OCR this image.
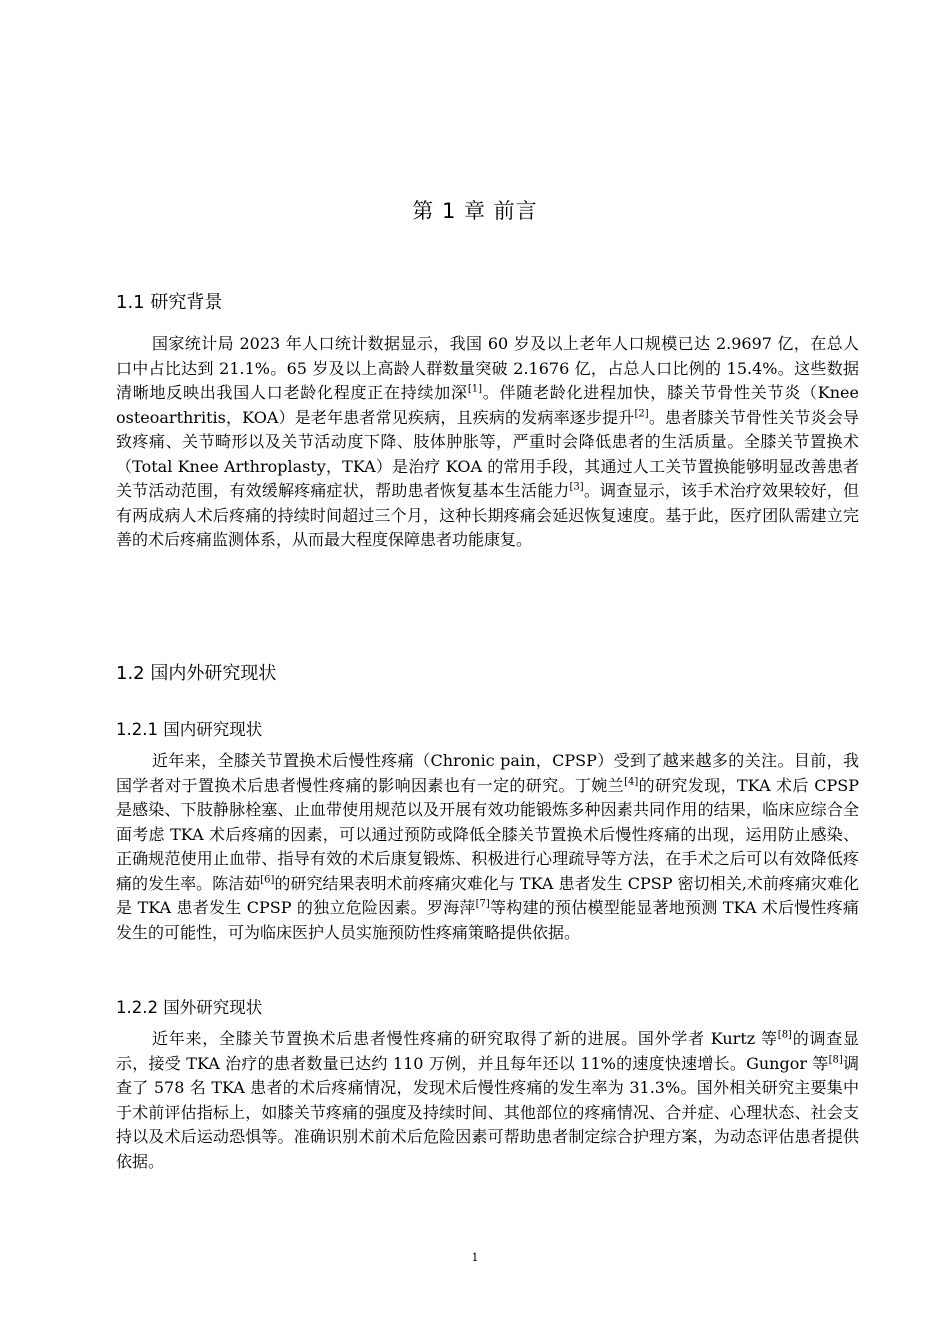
第 1 章 前言
1.1 研究背景
国家统计局 2023 年人口统计数据显示，我国 60 岁及以上老年人口规模已达 2.9697 亿，在总人口中占比达到 21.1%。65 岁及以上高龄人群数量突破 2.1676 亿，占总人口比例的 15.4%。这些数据清晰地反映出我国人口老龄化程度正在持续加深[1]。伴随老龄化进程加快，膝关节骨性关节炎（Knee osteoarthritis，KOA）是老年患者常见疾病，且疾病的发病率逐步提升[2]。患者膝关节骨性关节炎会导致疼痛、关节畸形以及关节活动度下降、肢体肿胀等，严重时会降低患者的生活质量。全膝关节置换术（Total Knee Arthroplasty，TKA）是治疗 KOA 的常用手段，其通过人工关节置换能够明显改善患者关节活动范围，有效缓解疼痛症状，帮助患者恢复基本生活能力[3]。调查显示，该手术治疗效果较好，但有两成病人术后疼痛的持续时间超过三个月，这种长期疼痛会延迟恢复速度。基于此，医疗团队需建立完善的术后疼痛监测体系，从而最大程度保障患者功能康复。
1.2 国内外研究现状
1.2.1 国内研究现状
近年来，全膝关节置换术后慢性疼痛（Chronic pain，CPSP）受到了越来越多的关注。目前，我国学者对于置换术后患者慢性疼痛的影响因素也有一定的研究。丁婉兰[4]的研究发现，TKA 术后 CPSP 是感染、下肢静脉栓塞、止血带使用规范以及开展有效功能锻炼多种因素共同作用的结果，临床应综合全面考虑 TKA 术后疼痛的因素，可以通过预防或降低全膝关节置换术后慢性疼痛的出现，运用防止感染、正确规范使用止血带、指导有效的术后康复锻炼、积极进行心理疏导等方法，在手术之后可以有效降低疼痛的发生率。陈洁茹[6]的研究结果表明术前疼痛灾难化与 TKA 患者发生 CPSP 密切相关,术前疼痛灾难化是 TKA 患者发生 CPSP 的独立危险因素。罗海萍[7]等构建的预估模型能显著地预测 TKA 术后慢性疼痛发生的可能性，可为临床医护人员实施预防性疼痛策略提供依据。
1.2.2 国外研究现状
近年来，全膝关节置换术后患者慢性疼痛的研究取得了新的进展。国外学者 Kurtz 等[8]的调查显示，接受 TKA 治疗的患者数量已达约 110 万例，并且每年还以 11%的速度快速增长。Gungor 等[8]调查了 578 名 TKA 患者的术后疼痛情况，发现术后慢性疼痛的发生率为 31.3%。国外相关研究主要集中于术前评估指标上，如膝关节疼痛的强度及持续时间、其他部位的疼痛情况、合并症、心理状态、社会支持以及术后运动恐惧等。准确识别术前术后危险因素可帮助患者制定综合护理方案，为动态评估患者提供依据。
1
